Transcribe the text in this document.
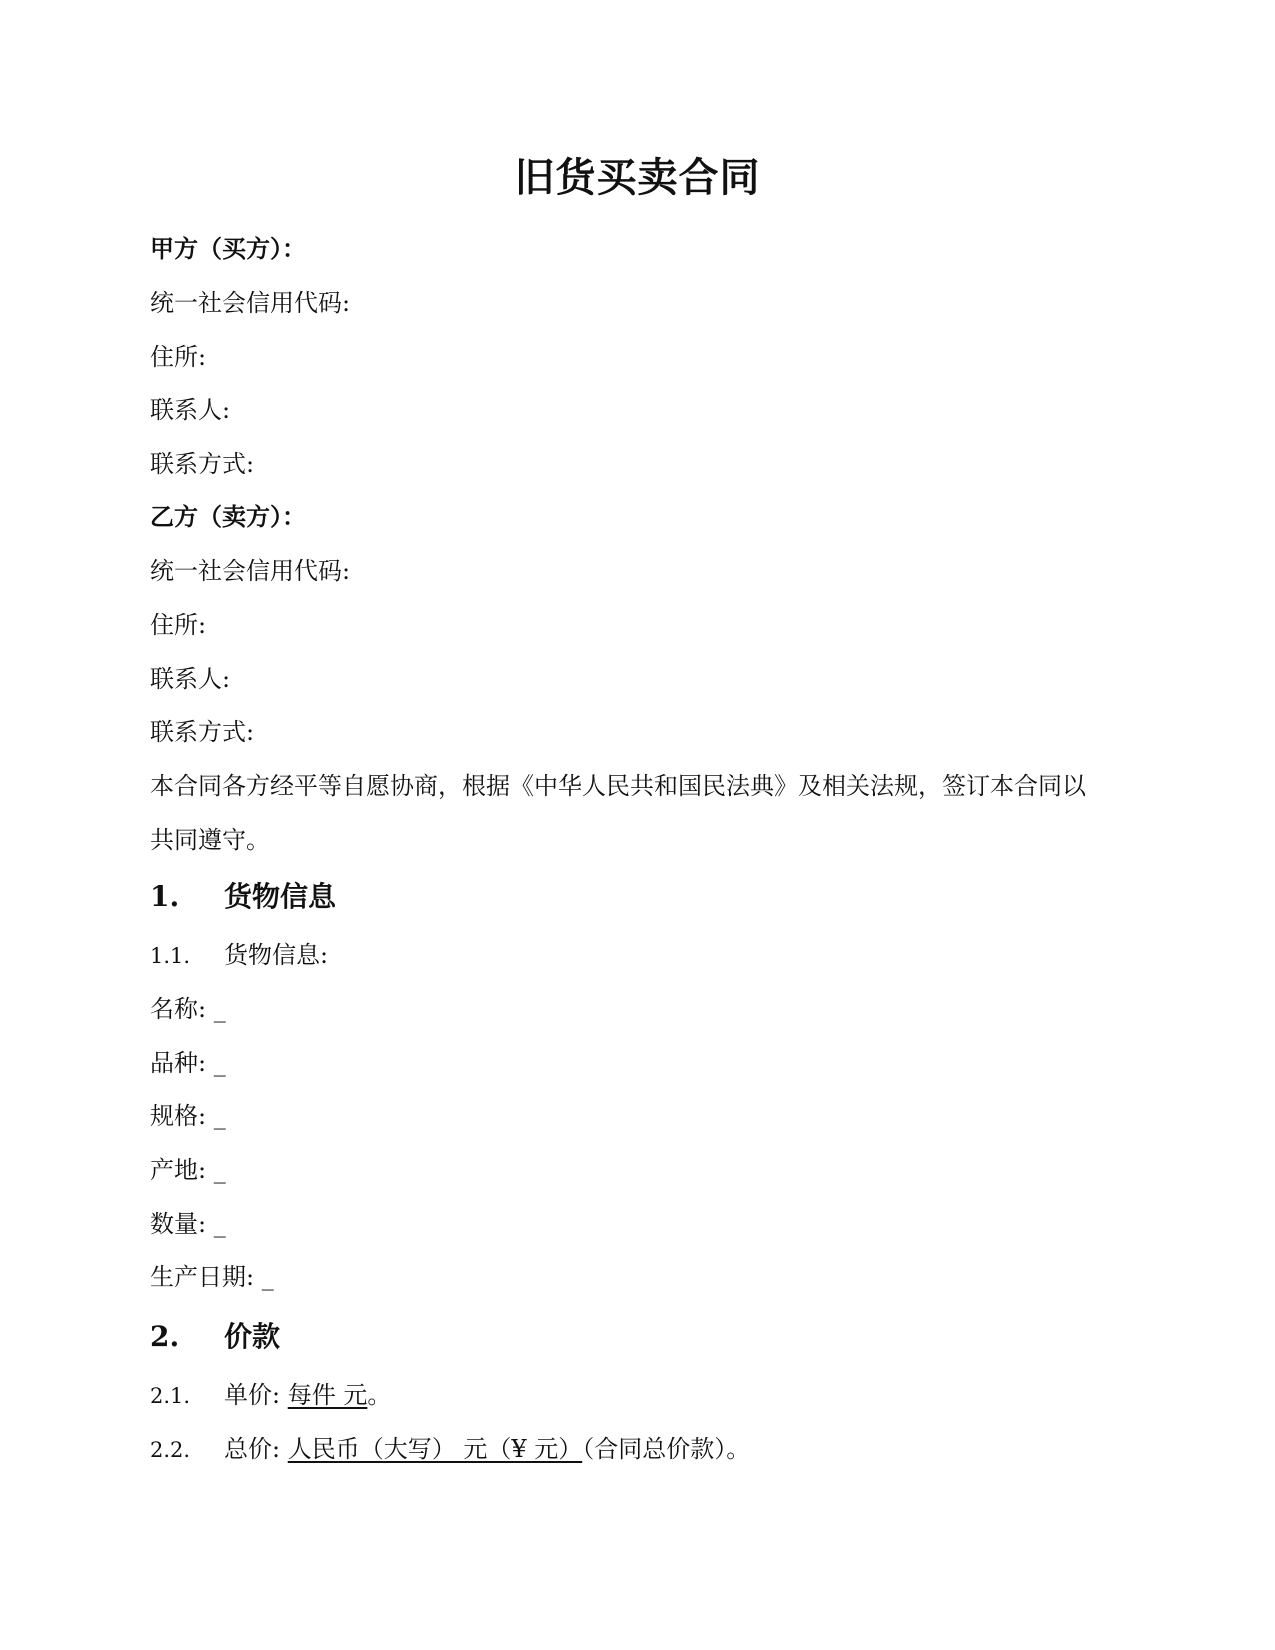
旧货买卖合同
甲方（买方）：
统一社会信用代码:
住所:
联系人:
联系方式:
乙方（卖方）：
统一社会信用代码:
住所:
联系人:
联系方式:
本合同各方经平等自愿协商，根据《中华人民共和国民法典》及相关法规，签订本合同以
共同遵守。
1. 货物信息
1.1. 货物信息:
名称: _
品种: _
规格: _
产地: _
数量: _
生产日期: _
2. 价款
2.1. 单价: 每件 元。
2.2. 总价: 人民币（大写） 元（¥ 元）（合同总价款）。
